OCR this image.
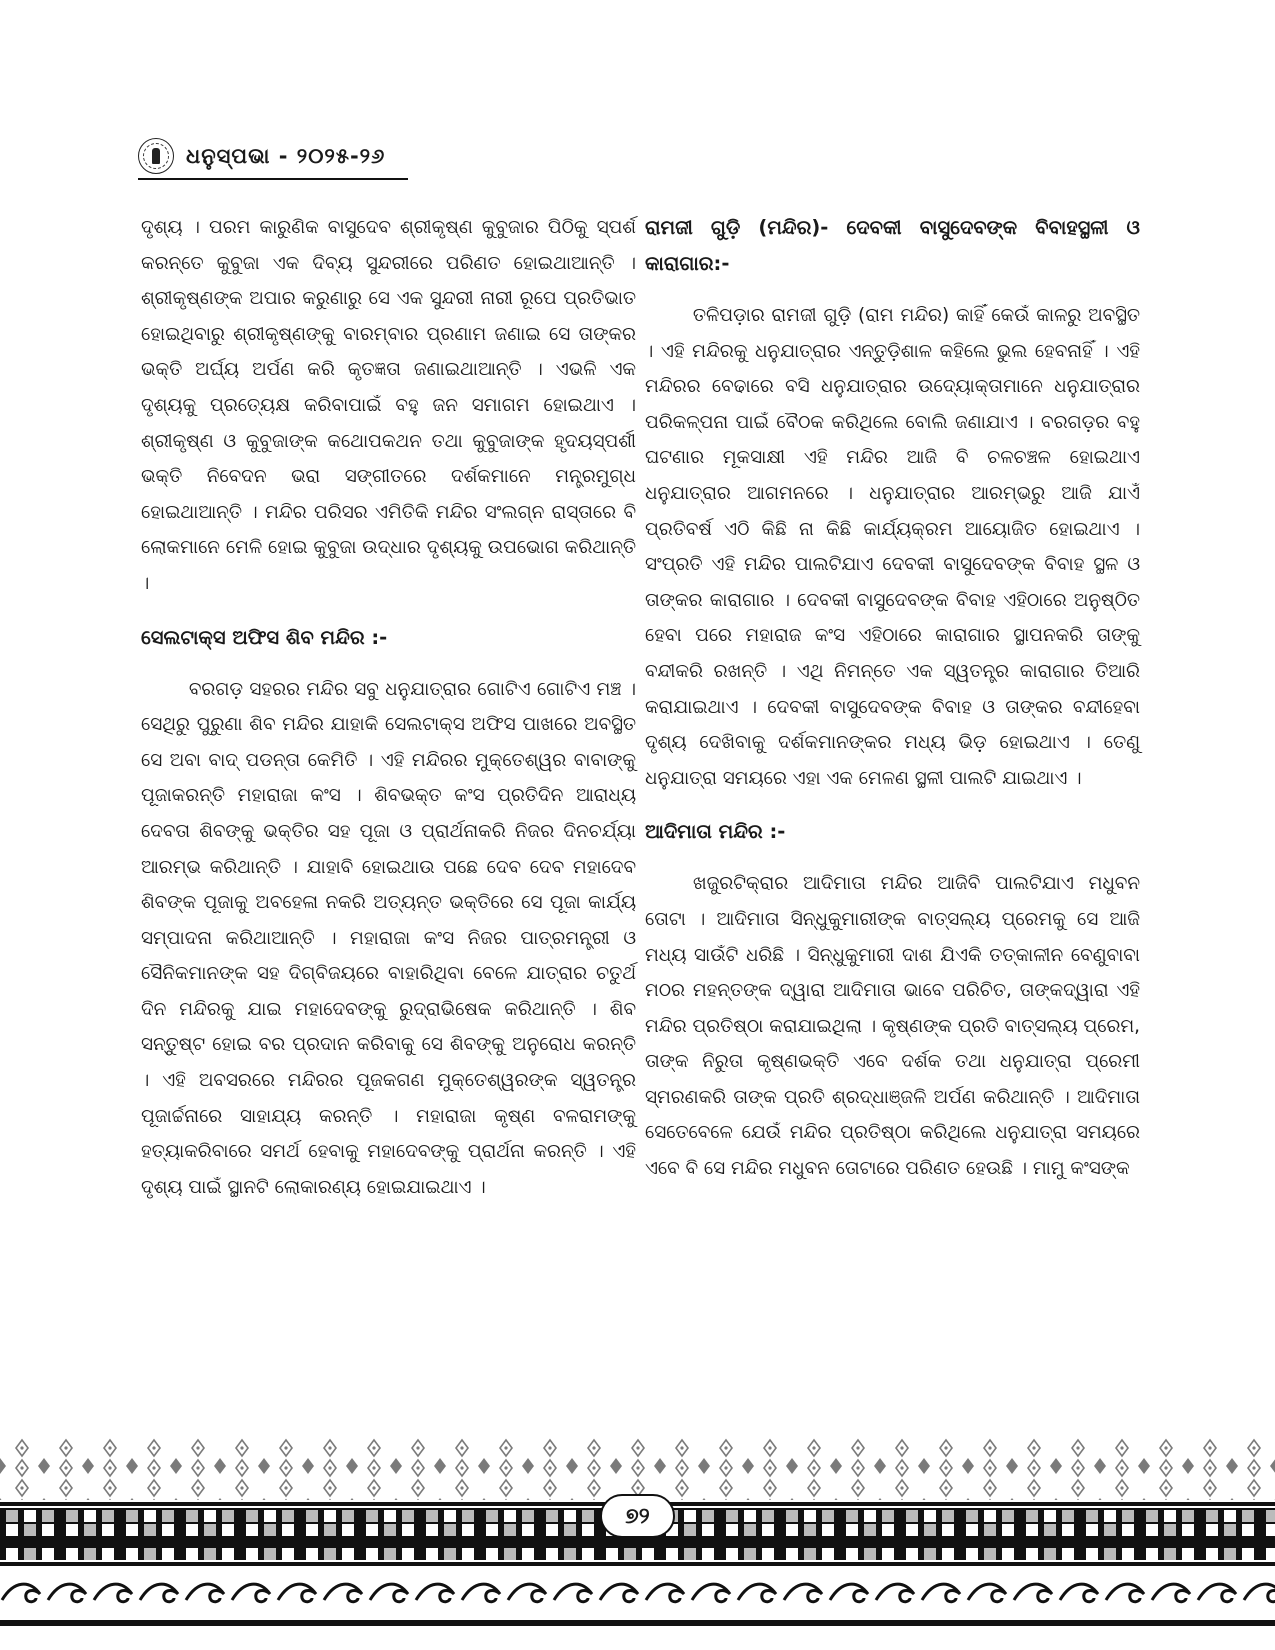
ଧନୁସ୍ପଭା - ୨୦୨୫-୨୬

ଦୃଶ୍ୟ । ପରମ କାରୁଣିକ ବାସୁଦେବ ଶ୍ରୀକୃଷ୍ଣ କୁବୁଜାର ପିଠିକୁ ସ୍ପର୍ଶ କରନ୍ତେ କୁବୁଜା ଏକ ଦିବ୍ୟ ସୁନ୍ଦରୀରେ ପରିଣତ ହୋଇଥାଆନ୍ତି । ଶ୍ରୀକୃଷ୍ଣଙ୍କ ଅପାର କରୁଣାରୁ ସେ ଏକ ସୁନ୍ଦରୀ ନାରୀ ରୂପେ ପ୍ରତିଭାତ ହୋଇଥିବାରୁ ଶ୍ରୀକୃଷ୍ଣଙ୍କୁ ବାରମ୍ବାର ପ୍ରଣାମ ଜଣାଇ ସେ ତାଙ୍କର ଭକ୍ତି ଅର୍ଘ୍ୟ ଅର୍ପଣ କରି କୃତଜ୍ଞତା ଜଣାଇଥାଆନ୍ତି । ଏଭଳି ଏକ ଦୃଶ୍ୟକୁ ପ୍ରତ୍ୟେକ୍ଷ କରିବାପାଇଁ ବହୁ ଜନ ସମାଗମ ହୋଇଥାଏ । ଶ୍ରୀକୃଷ୍ଣ ଓ କୁବୁଜାଙ୍କ କଥୋପକଥନ ତଥା କୁବୁଜାଙ୍କ ହୃଦୟସ୍ପର୍ଶୀ ଭକ୍ତି ନିବେଦନ ଭରା ସଙ୍ଗୀତରେ ଦର୍ଶକମାନେ ମନ୍ତ୍ରମୁଗ୍ଧ ହୋଇଥାଆନ୍ତି । ମନ୍ଦିର ପରିସର ଏମିତିକି ମନ୍ଦିର ସଂଲଗ୍ନ ରାସ୍ତାରେ ବି ଲୋକମାନେ ମେଳି ହୋଇ କୁବୁଜା ଉଦ୍ଧାର ଦୃଶ୍ୟକୁ ଉପଭୋଗ କରିଥାନ୍ତି ।

ସେଲଟାକ୍ସ ଅଫିସ ଶିବ ମନ୍ଦିର :-

ବରଗଡ଼ ସହରର ମନ୍ଦିର ସବୁ ଧନୁଯାତ୍ରାର ଗୋଟିଏ ଗୋଟିଏ ମଞ୍ଚ । ସେଥିରୁ ପୁରୁଣା ଶିବ ମନ୍ଦିର ଯାହାକି ସେଲଟାକ୍ସ ଅଫିସ ପାଖରେ ଅବସ୍ଥିତ ସେ ଅବା ବାଦ୍ ପଡନ୍ତା କେମିତି । ଏହି ମନ୍ଦିରର ମୁକ୍ତେଶ୍ୱର ବାବାଙ୍କୁ ପୂଜାକରନ୍ତି ମହାରାଜା କଂସ । ଶିବଭକ୍ତ କଂସ ପ୍ରତିଦିନ ଆରାଧ୍ୟ ଦେବତା ଶିବଙ୍କୁ ଭକ୍ତିର ସହ ପୂଜା ଓ ପ୍ରାର୍ଥନାକରି ନିଜର ଦିନଚର୍ଯ୍ୟା ଆରମ୍ଭ କରିଥାନ୍ତି । ଯାହାବି ହୋଇଥାଉ ପଛେ ଦେବ ଦେବ ମହାଦେବ ଶିବଙ୍କ ପୂଜାକୁ ଅବହେଳା ନକରି ଅତ୍ୟନ୍ତ ଭକ୍ତିରେ ସେ ପୂଜା କାର୍ଯ୍ୟ ସମ୍ପାଦନା କରିଥାଆନ୍ତି । ମହାରାଜା କଂସ ନିଜର ପାତ୍ରମନ୍ତ୍ରୀ ଓ ସୈନିକମାନଙ୍କ ସହ ଦିଗ୍‌ବିଜୟରେ ବାହାରିଥିବା ବେଳେ ଯାତ୍ରାର ଚତୁର୍ଥ ଦିନ ମନ୍ଦିରକୁ ଯାଇ ମହାଦେବଙ୍କୁ ରୁଦ୍ରାଭିଷେକ କରିଥାନ୍ତି । ଶିବ ସନ୍ତୁଷ୍ଟ ହୋଇ ବର ପ୍ରଦାନ କରିବାକୁ ସେ ଶିବଙ୍କୁ ଅନୁରୋଧ କରନ୍ତି । ଏହି ଅବସରରେ ମନ୍ଦିରର ପୂଜକଗଣ ମୁକ୍ତେଶ୍ୱରଙ୍କ ସ୍ୱତନ୍ତ୍ର ପୂଜାର୍ଚ୍ଚନାରେ ସାହାଯ୍ୟ କରନ୍ତି । ମହାରାଜା କୃଷ୍ଣ ବଳରାମଙ୍କୁ ହତ୍ୟାକରିବାରେ ସମର୍ଥ ହେବାକୁ ମହାଦେବଙ୍କୁ ପ୍ରାର୍ଥନା କରନ୍ତି । ଏହି ଦୃଶ୍ୟ ପାଇଁ ସ୍ଥାନଟି ଲୋକାରଣ୍ୟ ହୋଇଯାଇଥାଏ ।

ରାମଜୀ ଗୁଡ଼ି (ମନ୍ଦିର)- ଦେବକୀ ବାସୁଦେବଙ୍କ ବିବାହସ୍ଥଳୀ ଓ କାରାଗାର:-

ତଳିପଡ଼ାର ରାମଜୀ ଗୁଡ଼ି (ରାମ ମନ୍ଦିର) କାହିଁ କେଉଁ କାଳରୁ ଅବସ୍ଥିତ । ଏହି ମନ୍ଦିରକୁ ଧନୁଯାତ୍ରାର ଏନ୍ତୁଡ଼ିଶାଳ କହିଲେ ଭୁଲ ହେବନାହିଁ । ଏହି ମନ୍ଦିରର ବେଢାରେ ବସି ଧନୁଯାତ୍ରାର ଉଦ୍ୟୋକ୍ତାମାନେ ଧନୁଯାତ୍ରାର ପରିକଳ୍ପନା ପାଇଁ ବୈଠକ କରିଥିଲେ ବୋଲି ଜଣାଯାଏ । ବରଗଡ଼ର ବହୁ ଘଟଣାର ମୂକସାକ୍ଷୀ ଏହି ମନ୍ଦିର ଆଜି ବି ଚଳଚଞ୍ଚଳ ହୋଇଥାଏ ଧନୁଯାତ୍ରାର ଆଗମନରେ । ଧନୁଯାତ୍ରାର ଆରମ୍ଭରୁ ଆଜି ଯାଏଁ ପ୍ରତିବର୍ଷ ଏଠି କିଛି ନା କିଛି କାର୍ଯ୍ୟକ୍ରମ ଆୟୋଜିତ ହୋଇଥାଏ । ସଂପ୍ରତି ଏହି ମନ୍ଦିର ପାଲଟିଯାଏ ଦେବକୀ ବାସୁଦେବଙ୍କ ବିବାହ ସ୍ଥଳ ଓ ତାଙ୍କର କାରାଗାର । ଦେବକୀ ବାସୁଦେବଙ୍କ ବିବାହ ଏହିଠାରେ ଅନୁଷ୍ଠିତ ହେବା ପରେ ମହାରାଜ କଂସ ଏହିଠାରେ କାରାଗାର ସ୍ଥାପନକରି ତାଙ୍କୁ ବନ୍ଦୀକରି ରଖନ୍ତି । ଏଥି ନିମନ୍ତେ ଏକ ସ୍ୱତନ୍ତ୍ର କାରାଗାର ତିଆରି କରାଯାଇଥାଏ । ଦେବକୀ ବାସୁଦେବଙ୍କ ବିବାହ ଓ ତାଙ୍କର ବନ୍ଦୀହେବା ଦୃଶ୍ୟ ଦେଖିବାକୁ ଦର୍ଶକମାନଙ୍କର ମଧ୍ୟ ଭିଡ଼ ହୋଇଥାଏ । ତେଣୁ ଧନୁଯାତ୍ରା ସମୟରେ ଏହା ଏକ ମେଳଣ ସ୍ଥଳୀ ପାଲଟି ଯାଇଥାଏ ।

ଆଦିମାତା ମନ୍ଦିର :-

ଖଜୁରଟିକ୍ରାର ଆଦିମାତା ମନ୍ଦିର ଆଜିବି ପାଲଟିଯାଏ ମଧୁବନ ତୋଟା । ଆଦିମାତା ସିନ୍ଧୁକୁମାରୀଙ୍କ ବାତ୍ସଲ୍ୟ ପ୍ରେମକୁ ସେ ଆଜି ମଧ୍ୟ ସାଉଁଟି ଧରିଛି । ସିନ୍ଧୁକୁମାରୀ ଦାଶ ଯିଏକି ତତ୍‌କାଳୀନ ବେଣୁବାବା ମଠର ମହନ୍ତଙ୍କ ଦ୍ୱାରା ଆଦିମାତା ଭାବେ ପରିଚିତ, ତାଙ୍କଦ୍ୱାରା ଏହି ମନ୍ଦିର ପ୍ରତିଷ୍ଠା କରାଯାଇଥିଲା । କୃଷ୍ଣଙ୍କ ପ୍ରତି ବାତ୍ସଲ୍ୟ ପ୍ରେମ, ତାଙ୍କ ନିରୁତା କୃଷ୍ଣଭକ୍ତି ଏବେ ଦର୍ଶକ ତଥା ଧନୁଯାତ୍ରା ପ୍ରେମୀ ସ୍ମରଣକରି ତାଙ୍କ ପ୍ରତି ଶ୍ରଦ୍ଧାଞ୍ଜଳି ଅର୍ପଣ କରିଥାନ୍ତି । ଆଦିମାତା ସେତେବେଳେ ଯେଉଁ ମନ୍ଦିର ପ୍ରତିଷ୍ଠା କରିଥିଲେ ଧନୁଯାତ୍ରା ସମୟରେ ଏବେ ବି ସେ ମନ୍ଦିର ମଧୁବନ ତୋଟାରେ ପରିଣତ ହେଉଛି । ମାମୁ କଂସଙ୍କ

୭୨
